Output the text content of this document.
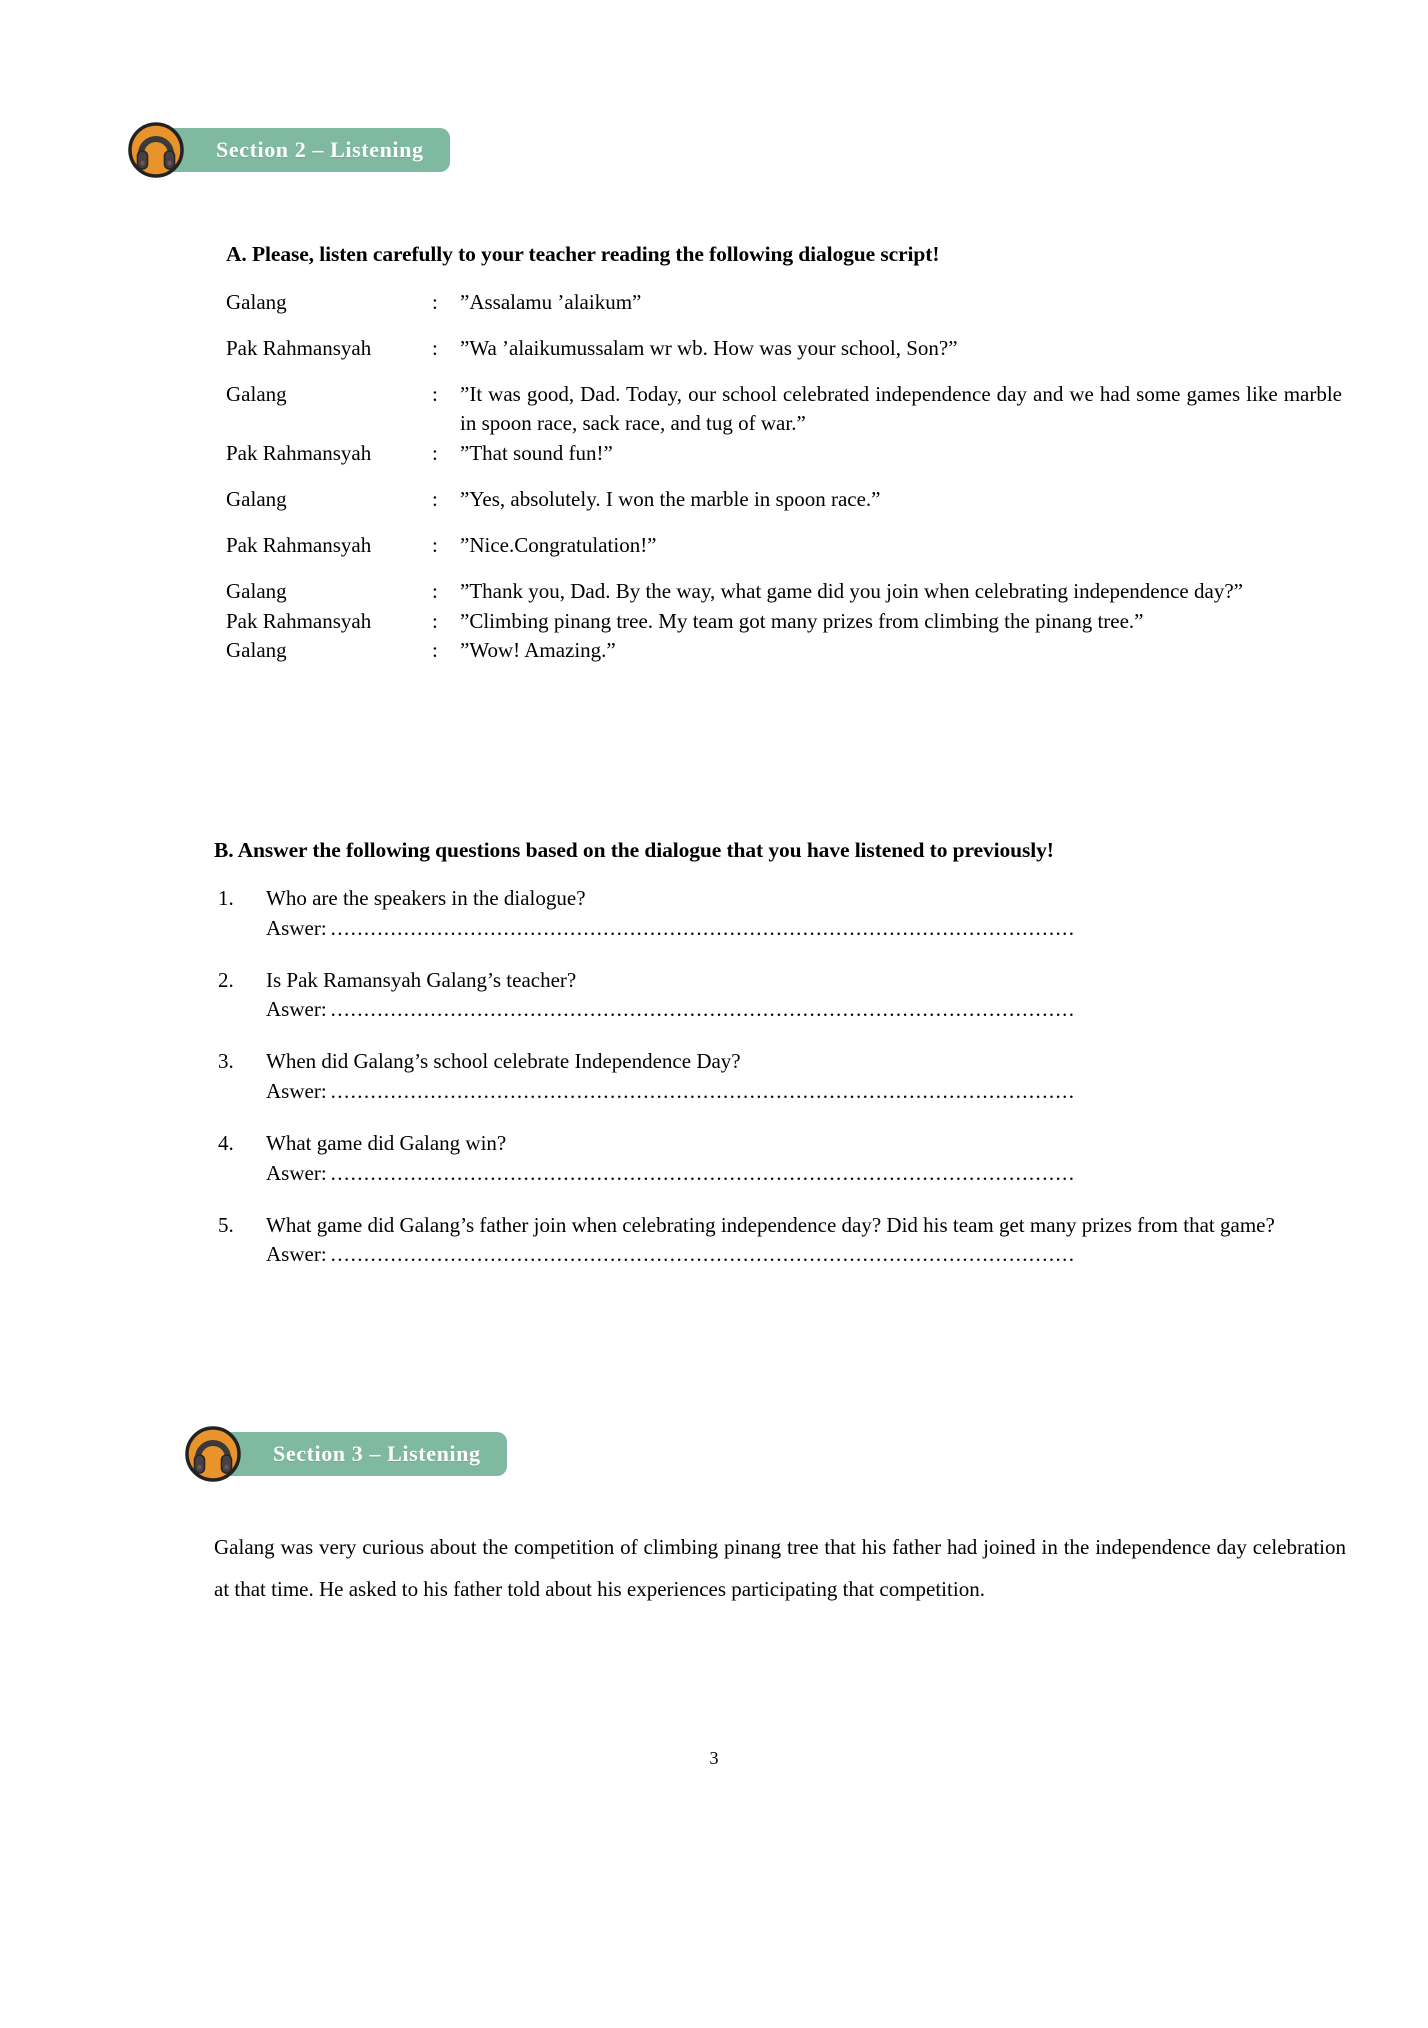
Section 2 – Listening
A. Please, listen carefully to your teacher reading the following dialogue script!
Galang	:	”Assalamu ’alaikum”
Pak Rahmansyah	:	”Wa ’alaikumussalam wr wb. How was your school, Son?”
Galang	:	”It was good, Dad. Today, our school celebrated independence day and we had some games like marble in spoon race, sack race, and tug of war.”
Pak Rahmansyah	:	”That sound fun!”
Galang	:	”Yes, absolutely. I won the marble in spoon race.”
Pak Rahmansyah	:	”Nice.Congratulation!”
Galang	:	”Thank you, Dad. By the way, what game did you join when celebrating independence day?”
Pak Rahmansyah	:	”Climbing pinang tree. My team got many prizes from climbing the pinang tree.”
Galang	:	”Wow! Amazing.”
B. Answer the following questions based on the dialogue that you have listened to previously!
1.	Who are the speakers in the dialogue?
Aswer: ................................................................................................................
2.	Is Pak Ramansyah Galang’s teacher?
Aswer: ................................................................................................................
3.	When did Galang’s school celebrate Independence Day?
Aswer: ................................................................................................................
4.	What game did Galang win?
Aswer: ................................................................................................................
5.	What game did Galang’s father join when celebrating independence day? Did his team get many prizes from that game?
Aswer: ................................................................................................................
Section 3 – Listening
Galang was very curious about the competition of climbing pinang tree that his father had joined in the independence day celebration at that time. He asked to his father told about his experiences participating that competition.
3
